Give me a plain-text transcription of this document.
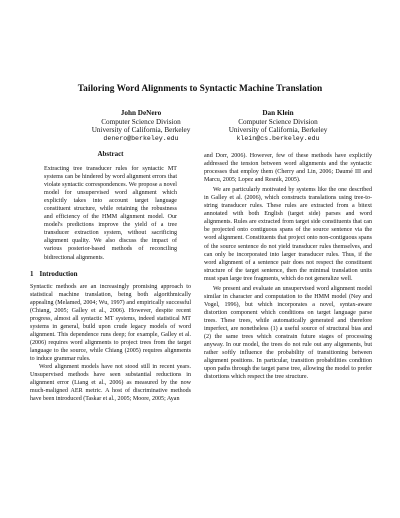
Tailoring Word Alignments to Syntactic Machine Translation
John DeNero
Computer Science Division
University of California, Berkeley
denero@berkeley.edu
Dan Klein
Computer Science Division
University of California, Berkeley
klein@cs.berkeley.edu
Abstract

Extracting tree transducer rules for syntactic MT systems can be hindered by word alignment errors that violate syntactic correspondences. We propose a novel model for unsupervised word alignment which explicitly takes into account target language constituent structure, while retaining the robustness and efficiency of the HMM alignment model. Our model's predictions improve the yield of a tree transducer extraction system, without sacrificing alignment quality. We also discuss the impact of various posterior-based methods of reconciling bidirectional alignments.

1 Introduction

Syntactic methods are an increasingly promising approach to statistical machine translation, being both algorithmically appealing (Melamed, 2004; Wu, 1997) and empirically successful (Chiang, 2005; Galley et al., 2006). However, despite recent progress, almost all syntactic MT systems, indeed statistical MT systems in general, build upon crude legacy models of word alignment. This dependence runs deep; for example, Galley et al. (2006) requires word alignments to project trees from the target language to the source, while Chiang (2005) requires alignments to induce grammar rules.

Word alignment models have not stood still in recent years. Unsupervised methods have seen substantial reductions in alignment error (Liang et al., 2006) as measured by the now much-maligned AER metric. A host of discriminative methods have been introduced (Taskar et al., 2005; Moore, 2005; Ayan

and Dorr, 2006). However, few of these methods have explicitly addressed the tension between word alignments and the syntactic processes that employ them (Cherry and Lin, 2006; Daumé III and Marcu, 2005; Lopez and Resnik, 2005).

We are particularly motivated by systems like the one described in Galley et al. (2006), which constructs translations using tree-to-string transducer rules. These rules are extracted from a bitext annotated with both English (target side) parses and word alignments. Rules are extracted from target side constituents that can be projected onto contiguous spans of the source sentence via the word alignment. Constituents that project onto non-contiguous spans of the source sentence do not yield transducer rules themselves, and can only be incorporated into larger transducer rules. Thus, if the word alignment of a sentence pair does not respect the constituent structure of the target sentence, then the minimal translation units must span large tree fragments, which do not generalize well.

We present and evaluate an unsupervised word alignment model similar in character and computation to the HMM model (Ney and Vogel, 1996), but which incorporates a novel, syntax-aware distortion component which conditions on target language parse trees. These trees, while automatically generated and therefore imperfect, are nonetheless (1) a useful source of structural bias and (2) the same trees which constrain future stages of processing anyway. In our model, the trees do not rule out any alignments, but rather softly influence the probability of transitioning between alignment positions. In particular, transition probabilities condition upon paths through the target parse tree, allowing the model to prefer distortions which respect the tree structure.
